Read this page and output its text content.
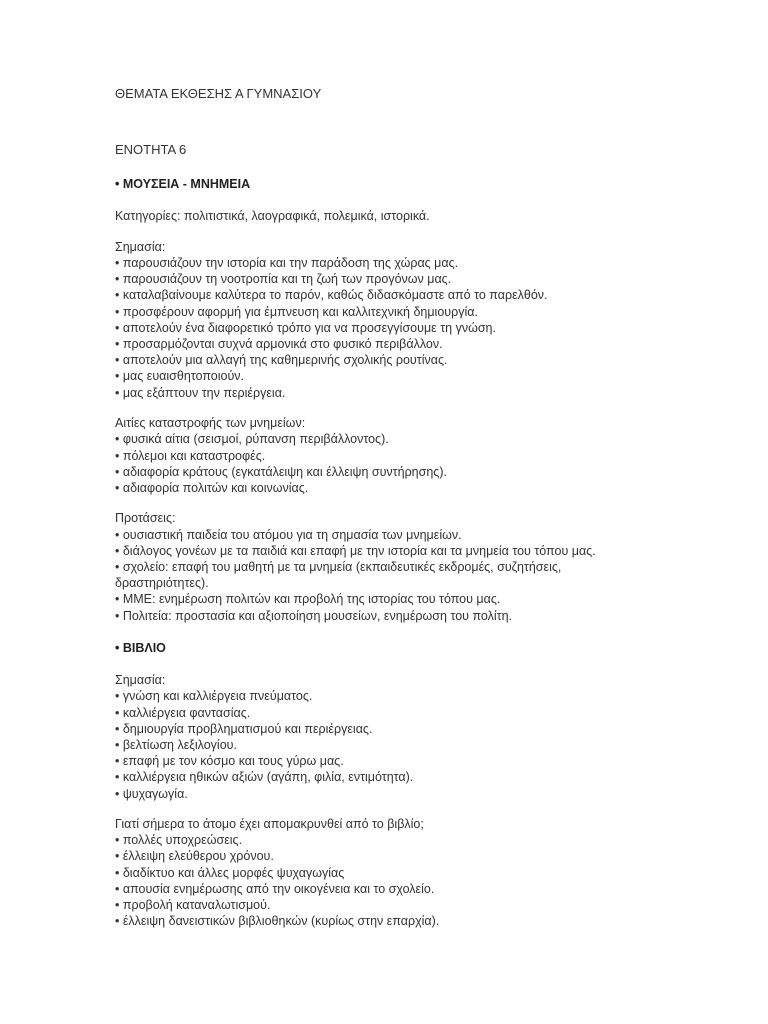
ΘΕΜΑΤΑ ΕΚΘΕΣΗΣ Α ΓΥΜΝΑΣΙΟΥ
ΕΝΟΤΗΤΑ 6
• ΜΟΥΣΕΙΑ - ΜΝΗΜΕΙΑ
Κατηγορίες: πολιτιστικά, λαογραφικά, πολεμικά, ιστορικά.
Σημασία:
• παρουσιάζουν την ιστορία και την παράδοση της χώρας μας.
• παρουσιάζουν τη νοοτροπία και τη ζωή των προγόνων μας.
• καταλαβαίνουμε καλύτερα το παρόν, καθώς διδασκόμαστε από το παρελθόν.
• προσφέρουν αφορμή για έμπνευση και καλλιτεχνική δημιουργία.
• αποτελούν ένα διαφορετικό τρόπο για να προσεγγίσουμε τη γνώση.
• προσαρμόζονται συχνά αρμονικά στο φυσικό περιβάλλον.
• αποτελούν μια αλλαγή της καθημερινής σχολικής ρουτίνας.
• μας ευαισθητοποιούν.
• μας εξάπτουν την περιέργεια.
Αιτίες καταστροφής των μνημείων:
• φυσικά αίτια (σεισμοί, ρύπανση περιβάλλοντος).
• πόλεμοι και καταστροφές.
• αδιαφορία κράτους (εγκατάλειψη και έλλειψη συντήρησης).
• αδιαφορία πολιτών και κοινωνίας.
Προτάσεις:
• ουσιαστική παιδεία του ατόμου για τη σημασία των μνημείων.
• διάλογος γονέων με τα παιδιά και επαφή με την ιστορία και τα μνημεία του τόπου μας.
• σχολείο: επαφή του μαθητή με τα μνημεία (εκπαιδευτικές εκδρομές, συζητήσεις, δραστηριότητες).
• ΜΜΕ: ενημέρωση πολιτών και προβολή της ιστορίας του τόπου μας.
• Πολιτεία: προστασία και αξιοποίηση μουσείων, ενημέρωση του πολίτη.
• ΒΙΒΛΙΟ
Σημασία:
• γνώση και καλλιέργεια πνεύματος.
• καλλιέργεια φαντασίας.
• δημιουργία προβληματισμού και περιέργειας.
• βελτίωση λεξιλογίου.
• επαφή με τον κόσμο και τους γύρω μας.
• καλλιέργεια ηθικών αξιών (αγάπη, φιλία, εντιμότητα).
• ψυχαγωγία.
Γιατί σήμερα το άτομο έχει απομακρυνθεί από το βιβλίο;
• πολλές υποχρεώσεις.
• έλλειψη ελεύθερου χρόνου.
• διαδίκτυο και άλλες μορφές ψυχαγωγίας
• απουσία ενημέρωσης από την οικογένεια και το σχολείο.
• προβολή καταναλωτισμού.
• έλλειψη δανειστικών βιβλιοθηκών (κυρίως στην επαρχία).
